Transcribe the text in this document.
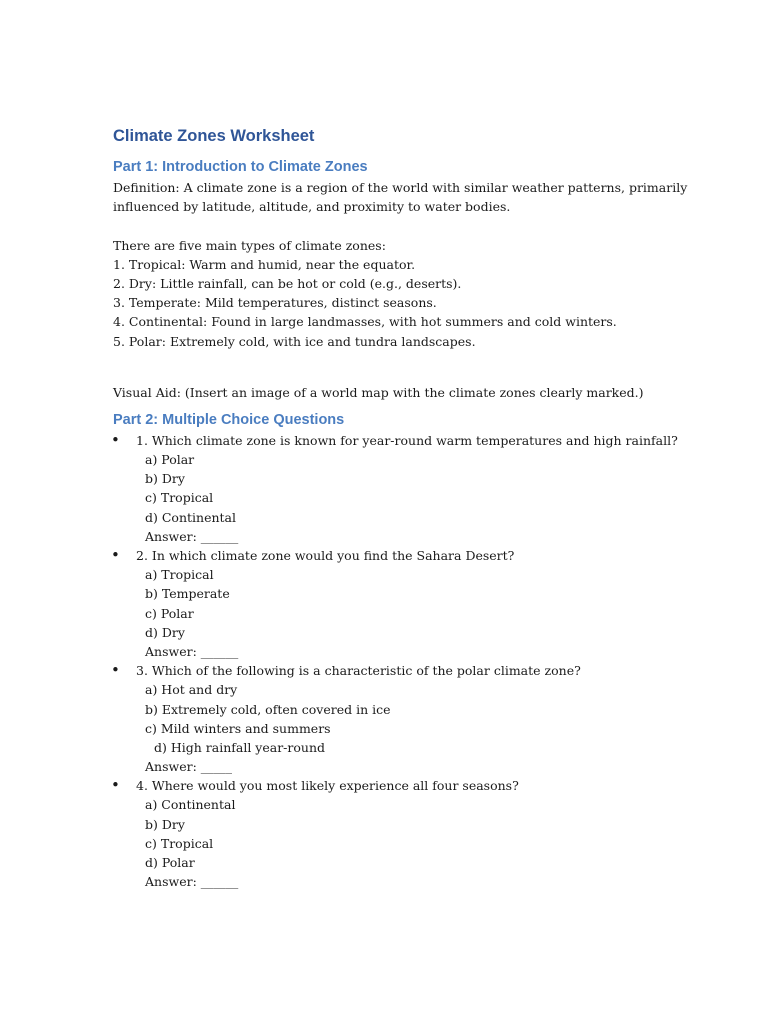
Climate Zones Worksheet
Part 1: Introduction to Climate Zones
Definition: A climate zone is a region of the world with similar weather patterns, primarily
influenced by latitude, altitude, and proximity to water bodies.
There are five main types of climate zones:
1. Tropical: Warm and humid, near the equator.
2. Dry: Little rainfall, can be hot or cold (e.g., deserts).
3. Temperate: Mild temperatures, distinct seasons.
4. Continental: Found in large landmasses, with hot summers and cold winters.
5. Polar: Extremely cold, with ice and tundra landscapes.
Visual Aid: (Insert an image of a world map with the climate zones clearly marked.)
Part 2: Multiple Choice Questions
•	1. Which climate zone is known for year-round warm temperatures and high rainfall?
a) Polar
b) Dry
c) Tropical
d) Continental
Answer: ______
•	2. In which climate zone would you find the Sahara Desert?
a) Tropical
b) Temperate
c) Polar
d) Dry
Answer: ______
•	3. Which of the following is a characteristic of the polar climate zone?
a) Hot and dry
b) Extremely cold, often covered in ice
c) Mild winters and summers
d) High rainfall year-round
Answer: _____
•	4. Where would you most likely experience all four seasons?
a) Continental
b) Dry
c) Tropical
d) Polar
Answer: ______
